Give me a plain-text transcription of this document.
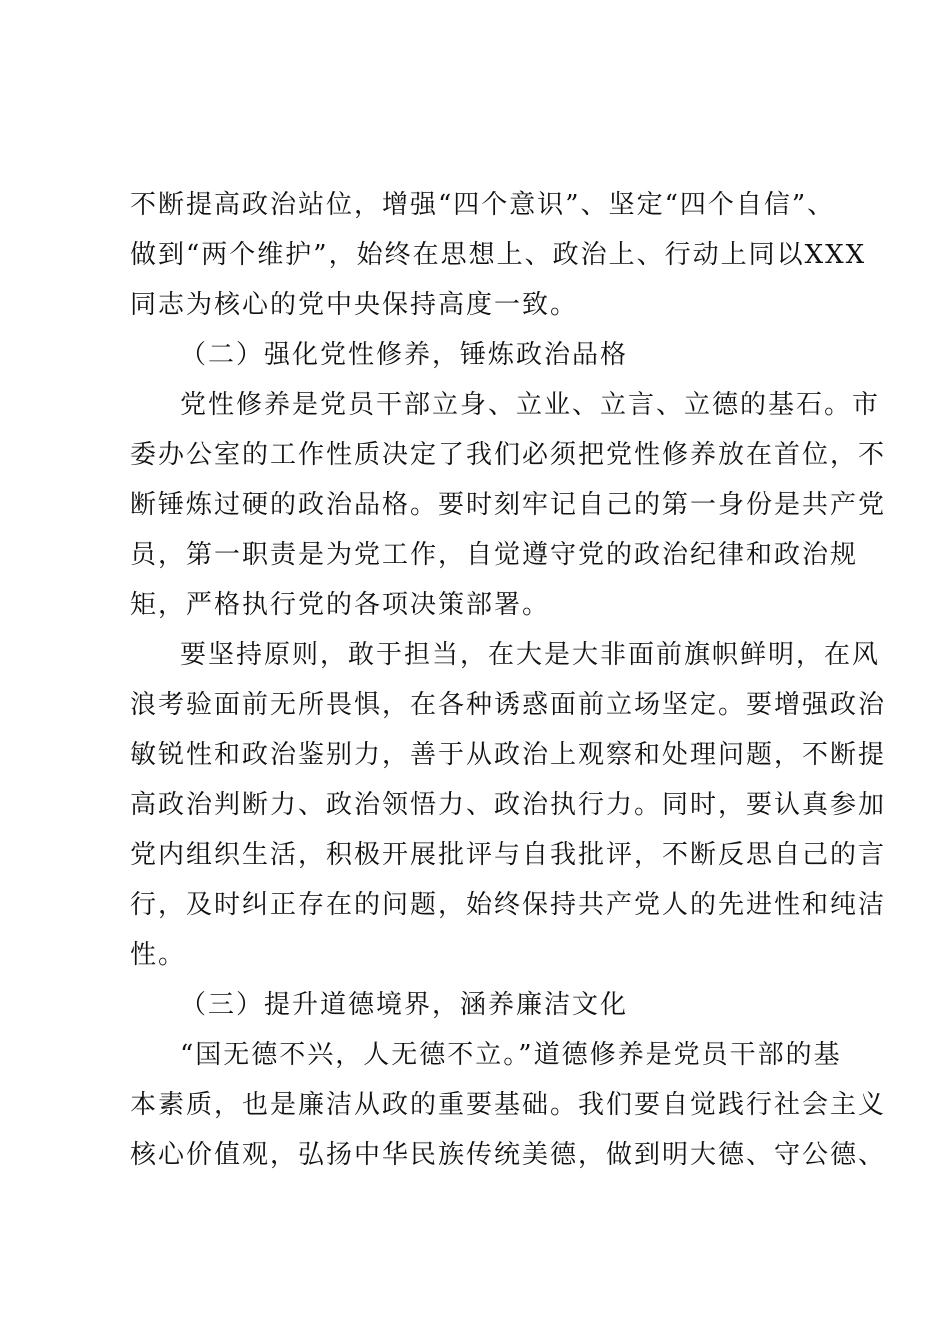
不断提高政治站位，增强“四个意识”、坚定“四个自信”、
做到“两个维护”，始终在思想上、政治上、行动上同以XXX
同志为核心的党中央保持高度一致。
（二）强化党性修养，锤炼政治品格
党性修养是党员干部立身、立业、立言、立德的基石。市
委办公室的工作性质决定了我们必须把党性修养放在首位，不
断锤炼过硬的政治品格。要时刻牢记自己的第一身份是共产党
员，第一职责是为党工作，自觉遵守党的政治纪律和政治规
矩，严格执行党的各项决策部署。
要坚持原则，敢于担当，在大是大非面前旗帜鲜明，在风
浪考验面前无所畏惧，在各种诱惑面前立场坚定。要增强政治
敏锐性和政治鉴别力，善于从政治上观察和处理问题，不断提
高政治判断力、政治领悟力、政治执行力。同时，要认真参加
党内组织生活，积极开展批评与自我批评，不断反思自己的言
行，及时纠正存在的问题，始终保持共产党人的先进性和纯洁
性。
（三）提升道德境界，涵养廉洁文化
“国无德不兴，人无德不立。”道德修养是党员干部的基
本素质，也是廉洁从政的重要基础。我们要自觉践行社会主义
核心价值观，弘扬中华民族传统美德，做到明大德、守公德、
